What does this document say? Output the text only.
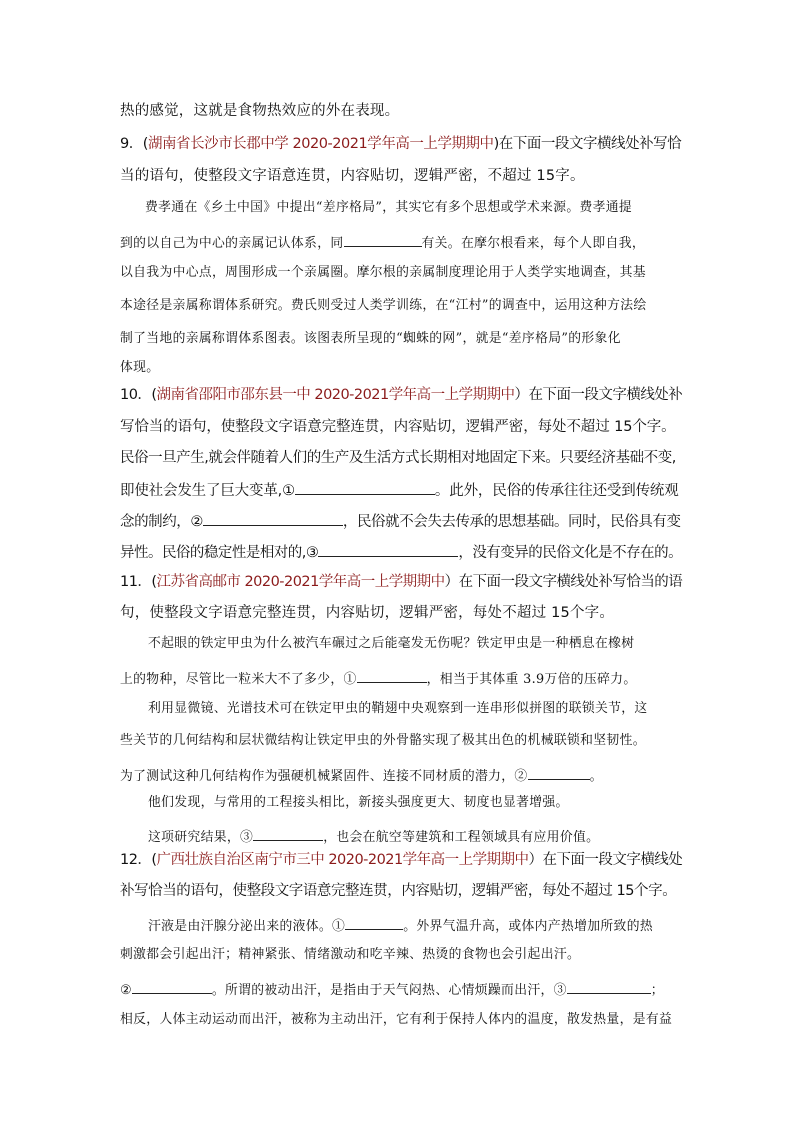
热的感觉，这就是食物热效应的外在表现。
9．(湖南省长沙市长郡中学 2020-2021学年高一上学期期中)在下面一段文字横线处补写恰
当的语句，使整段文字语意连贯，内容贴切，逻辑严密，不超过 15字。
费孝通在《乡土中国》中提出“差序格局”，其实它有多个思想或学术来源。费孝通提
到的以自己为中心的亲属记认体系，同	有关。在摩尔根看来，每个人即自我，
以自我为中心点，周围形成一个亲属圈。摩尔根的亲属制度理论用于人类学实地调查，其基
本途径是亲属称谓体系研究。费氏则受过人类学训练，在“江村”的调查中，运用这种方法绘
制了当地的亲属称谓体系图表。该图表所呈现的“蜘蛛的网”，就是“差序格局”的形象化
体现。
10．(湖南省邵阳市邵东县一中 2020-2021学年高一上学期期中）在下面一段文字横线处补
写恰当的语句，使整段文字语意完整连贯，内容贴切，逻辑严密，每处不超过 15个字。
民俗一旦产生,就会伴随着人们的生产及生活方式长期相对地固定下来。只要经济基础不变,
即使社会发生了巨大变革,①	。此外，民俗的传承往往还受到传统观
念的制约，②	，民俗就不会失去传承的思想基础。同时，民俗具有变
异性。民俗的稳定性是相对的,③	，没有变异的民俗文化是不存在的。
11．(江苏省高邮市 2020-2021学年高一上学期期中）在下面一段文字横线处补写恰当的语
句，使整段文字语意完整连贯，内容贴切，逻辑严密，每处不超过 15个字。
不起眼的铁定甲虫为什么被汽车碾过之后能毫发无伤呢？铁定甲虫是一种栖息在橡树
上的物种，尽管比一粒米大不了多少，①	，相当于其体重 3.9万倍的压碎力。
利用显微镜、光谱技术可在铁定甲虫的鞘翅中央观察到一连串形似拼图的联锁关节，这
些关节的几何结构和层状微结构让铁定甲虫的外骨骼实现了极其出色的机械联锁和坚韧性。
为了测试这种几何结构作为强硬机械紧固件、连接不同材质的潜力，②	。
他们发现，与常用的工程接头相比，新接头强度更大、韧度也显著增强。
这项研究结果，③	，也会在航空等建筑和工程领域具有应用价值。
12．(广西壮族自治区南宁市三中 2020-2021学年高一上学期期中）在下面一段文字横线处
补写恰当的语句，使整段文字语意完整连贯，内容贴切，逻辑严密，每处不超过 15个字。
汗液是由汗腺分泌出来的液体。①	。外界气温升高，或体内产热增加所致的热
刺激都会引起出汗；精神紧张、情绪激动和吃辛辣、热烫的食物也会引起出汗。
②	。所谓的被动出汗，是指由于天气闷热、心情烦躁而出汗，③	；
相反，人体主动运动而出汗，被称为主动出汗，它有利于保持人体内的温度，散发热量，是有益
